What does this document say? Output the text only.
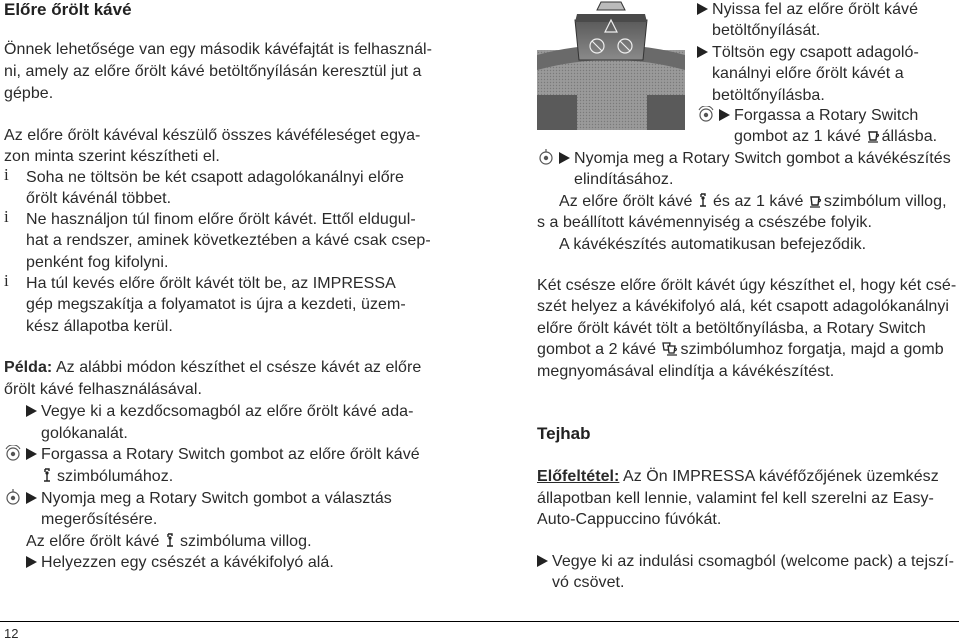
Előre őrölt kávé
Önnek lehetősége van egy második kávéfajtát is felhasznál-
ni, amely az előre őrölt kávé betöltőnyílásán keresztül jut a
gépbe.
Az előre őrölt kávéval készülő összes kávéféleséget egya-
zon minta szerint készítheti el.
i Soha ne töltsön be két csapott adagolókanálnyi előre
őrölt kávénál többet.
i Ne használjon túl finom előre őrölt kávét. Ettől eldugul-
hat a rendszer, aminek következtében a kávé csak csep-
penként fog kifolyni.
i Ha túl kevés előre őrölt kávét tölt be, az IMPRESSA
gép megszakítja a folyamatot is újra a kezdeti, üzem-
kész állapotba kerül.
Példa: Az alábbi módon készíthet el csésze kávét az előre
őrölt kávé felhasználásával.
Vegye ki a kezdőcsomagból az előre őrölt kávé ada-
golókanalát.
Forgassa a Rotary Switch gombot az előre őrölt kávé
szimbólumához.
Nyomja meg a Rotary Switch gombot a választás
megerősítésére.
Az előre őrölt kávé szimbóluma villog.
Helyezzen egy csészét a kávékifolyó alá.
Nyissa fel az előre őrölt kávé
betöltőnyílását.
Töltsön egy csapott adagoló-
kanálnyi előre őrölt kávét a
betöltőnyílásba.
Forgassa a Rotary Switch
gombot az 1 kávé állásba.
Nyomja meg a Rotary Switch gombot a kávékészítés
elindításához.
Az előre őrölt kávé és az 1 kávé szimbólum villog,
s a beállított kávémennyiség a csészébe folyik.
A kávékészítés automatikusan befejeződik.
Két csésze előre őrölt kávét úgy készíthet el, hogy két csé-
szét helyez a kávékifolyó alá, két csapott adagolókanálnyi
előre őrölt kávét tölt a betöltőnyílásba, a Rotary Switch
gombot a 2 kávé szimbólumhoz forgatja, majd a gomb
megnyomásával elindítja a kávékészítést.
Tejhab
Előfeltétel: Az Ön IMPRESSA kávéfőzőjének üzemkész
állapotban kell lennie, valamint fel kell szerelni az Easy-
Auto-Cappuccino fúvókát.
Vegye ki az indulási csomagból (welcome pack) a tejszí-
vó csövet.
12
